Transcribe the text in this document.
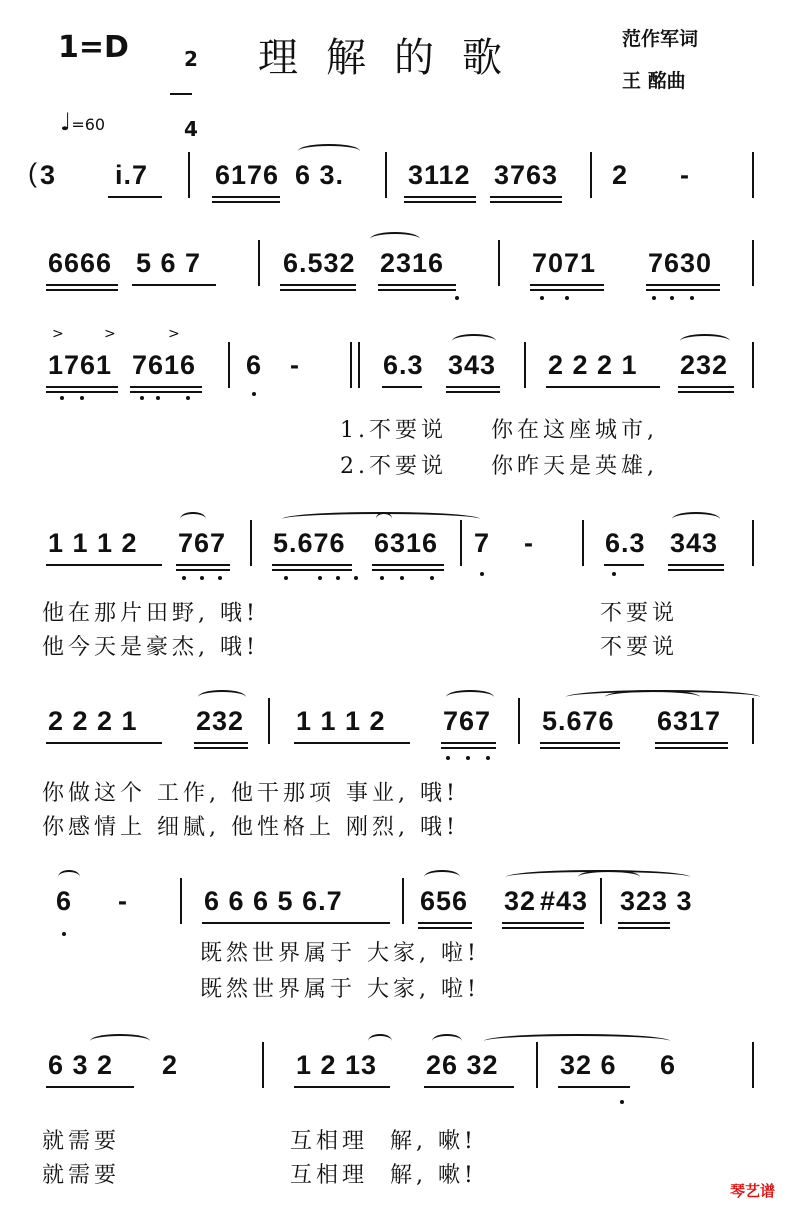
1=D	2

4

理解的歌	范作军词
王 酩曲
♩=60
3 i.7 6176 6 3. 3112 3763 2 -
6666 5 6 7	6.532 2316	7071 7630
1761 7616 6 -	6.3 343 2 2 2 1 232
1 1 1 2 767 5.676 6316 7 -	6.3 343
2 2 2 1 232 1 1 1 2 767 5.676 6317
6 -	6 6 6 5 6.7	656 32 #43 323 3
6 3 2 2	1 2 13 26 32 32 6 6
>	>	>
(
1.不要说    你在这座城市,
2.不要说    你昨天是英雄,
他在那片田野, 哦!	不要说
他今天是豪杰, 哦!	不要说
你做这个 工作, 他干那项 事业, 哦!
你感情上 细腻, 他性格上 刚烈, 哦!
既然世界属于 大家, 啦!
既然世界属于 大家, 啦!
就需要	互相理  解, 嗽!
就需要	互相理  解, 嗽!
琴艺谱
